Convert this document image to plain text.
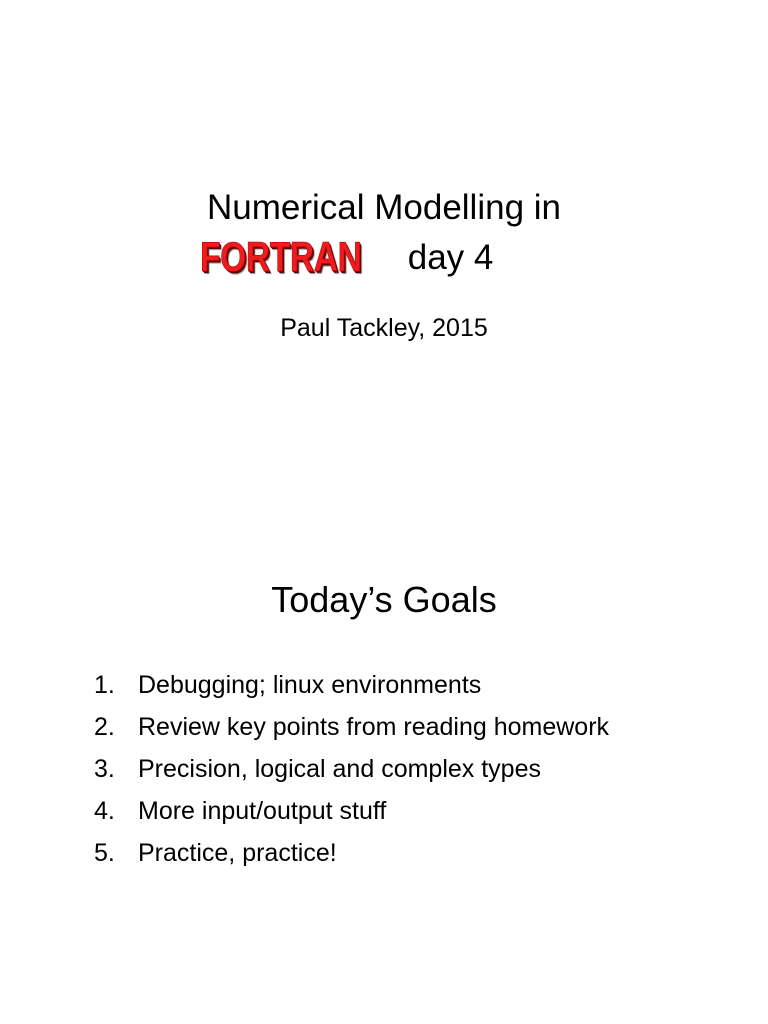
Numerical Modelling in
FORTRAN day 4
Paul Tackley, 2015
Today’s Goals
1. Debugging; linux environments
2. Review key points from reading homework
3. Precision, logical and complex types
4. More input/output stuff
5. Practice, practice!
